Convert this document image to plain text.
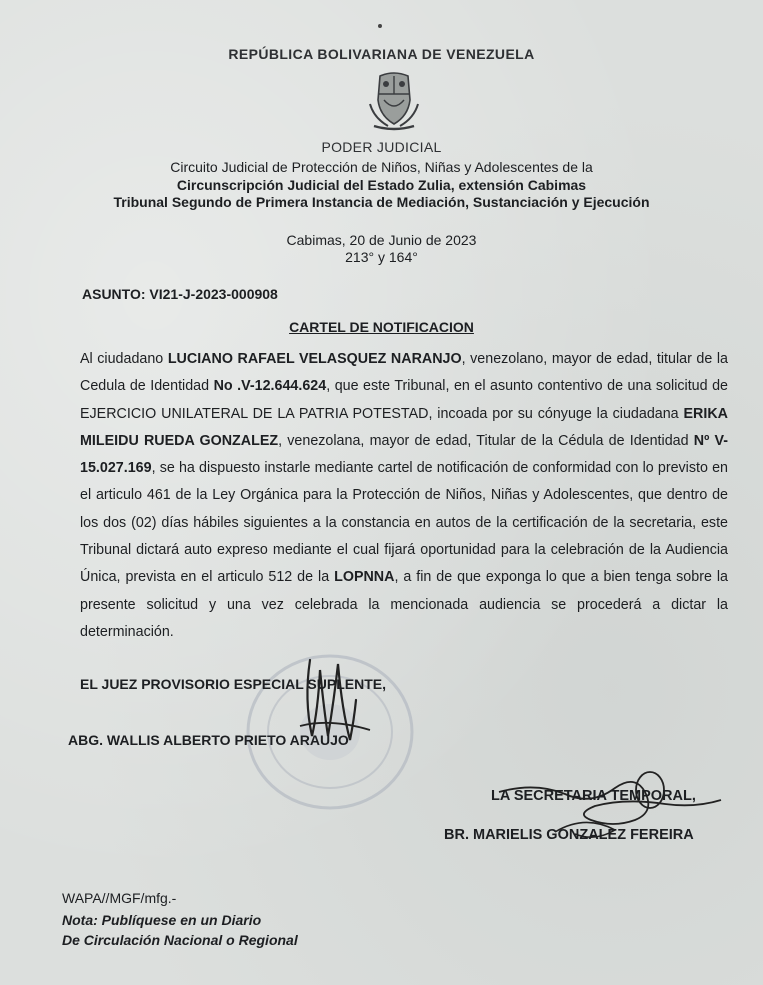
REPÚBLICA BOLIVARIANA DE VENEZUELA
PODER JUDICIAL
Circuito Judicial de Protección de Niños, Niñas y Adolescentes de la
Circunscripción Judicial del Estado Zulia, extensión Cabimas
Tribunal Segundo de Primera Instancia de Mediación, Sustanciación y Ejecución
Cabimas, 20 de Junio de 2023
213° y 164°
ASUNTO: VI21-J-2023-000908
CARTEL DE NOTIFICACION
Al ciudadano LUCIANO RAFAEL VELASQUEZ NARANJO, venezolano, mayor de edad, titular de la Cedula de Identidad No .V-12.644.624, que este Tribunal, en el asunto contentivo de una solicitud de EJERCICIO UNILATERAL DE LA PATRIA POTESTAD, incoada por su cónyuge la ciudadana ERIKA MILEIDU RUEDA GONZALEZ, venezolana, mayor de edad, Titular de la Cédula de Identidad Nº V-15.027.169, se ha dispuesto instarle mediante cartel de notificación de conformidad con lo previsto en el articulo 461 de la Ley Orgánica para la Protección de Niños, Niñas y Adolescentes, que dentro de los dos (02) días hábiles siguientes a la constancia en autos de la certificación de la secretaria, este Tribunal dictará auto expreso mediante el cual fijará oportunidad para la celebración de la Audiencia Única, prevista en el articulo 512 de la LOPNNA, a fin de que exponga lo que a bien tenga sobre la presente solicitud y una vez celebrada la mencionada audiencia se procederá a dictar la determinación.
EL JUEZ PROVISORIO ESPECIAL SUPLENTE,
ABG. WALLIS ALBERTO PRIETO ARAUJO
LA SECRETARIA TEMPORAL,
BR. MARIELIS GONZALEZ FEREIRA
WAPA//MGF/mfg.-
Nota: Publíquese en un Diario
De Circulación Nacional o Regional
